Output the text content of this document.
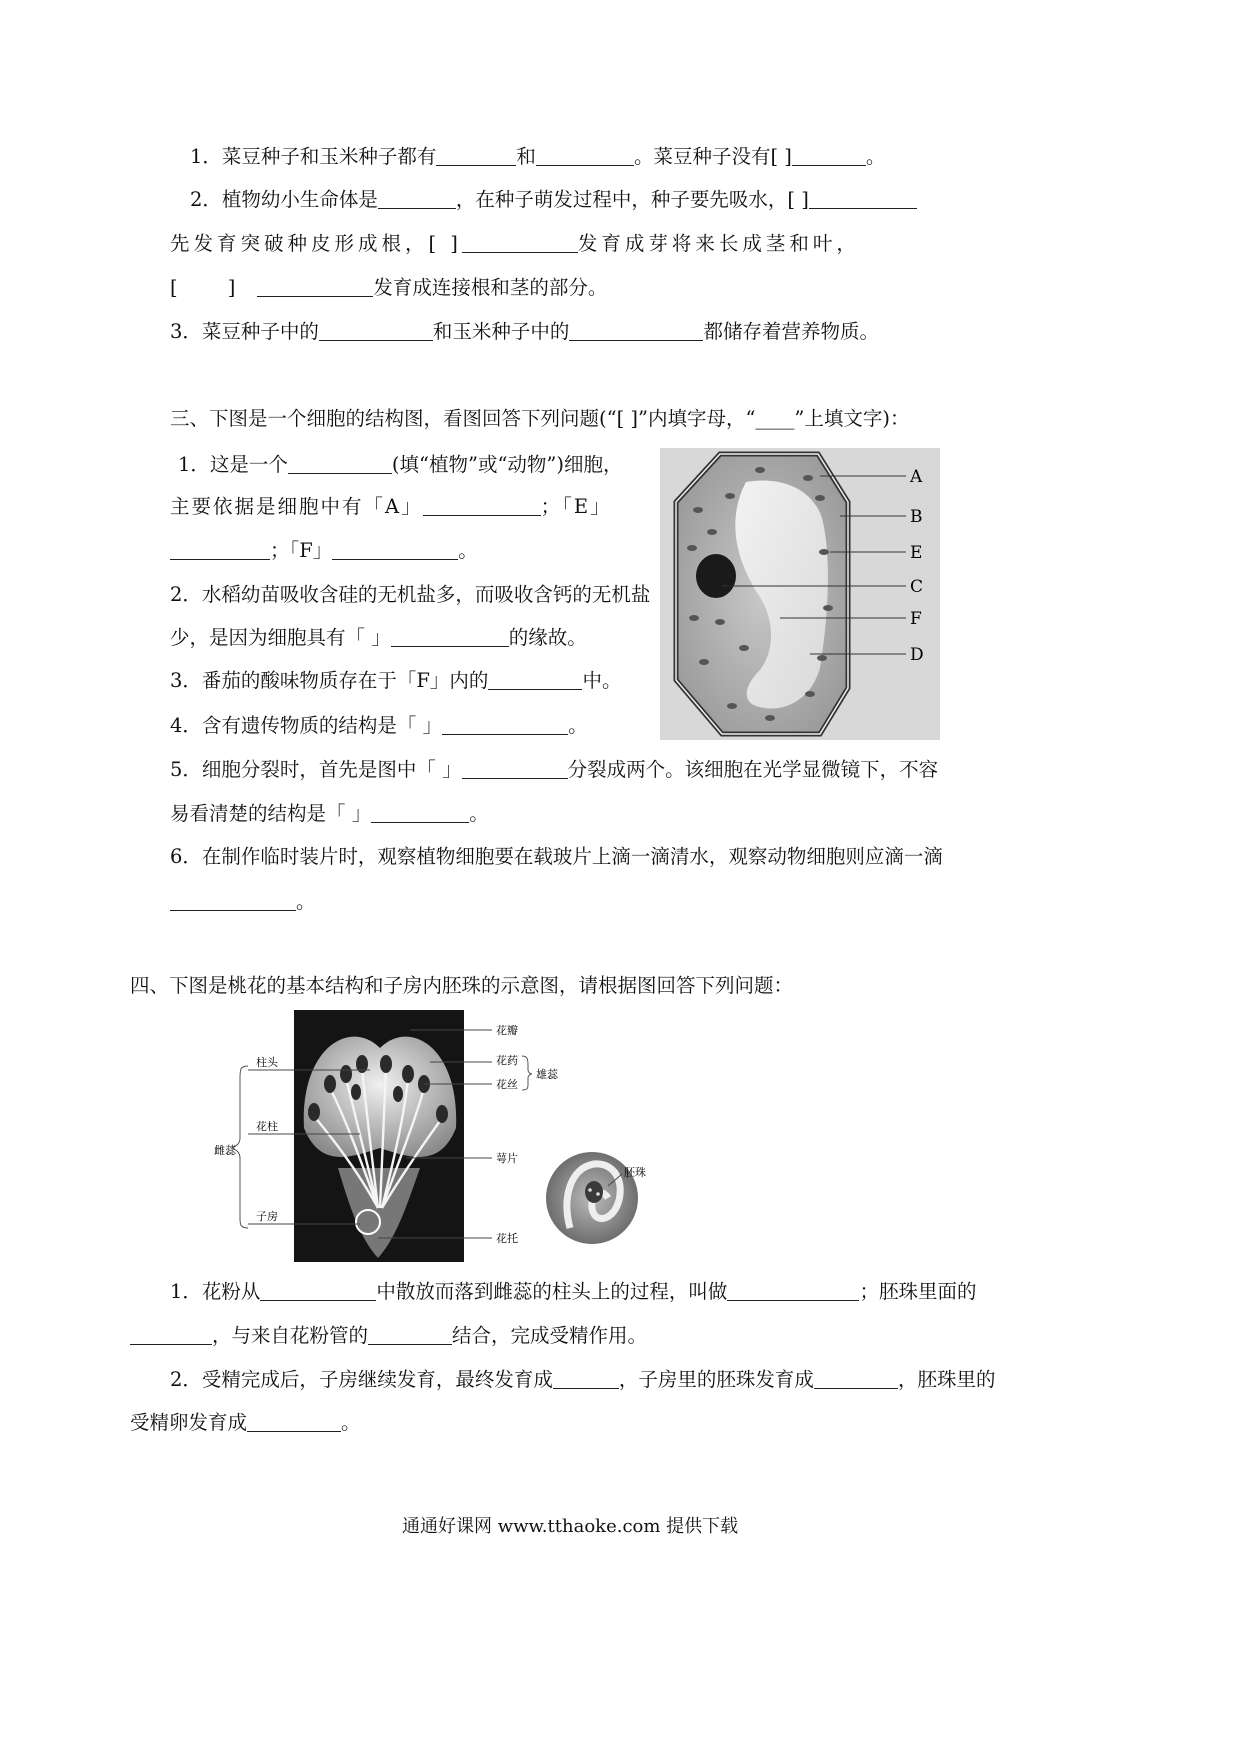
1．菜豆种子和玉米种子都有	和	。菜豆种子没有[ ]	。
2．植物幼小生命体是	，在种子萌发过程中，种子要先吸水，[ ]
先发育突破种皮形成根，[ ]	发育成芽将来长成茎和叶，
[ ]	发育成连接根和茎的部分。
3．菜豆种子中的	和玉米种子中的	都储存着营养物质。
三、下图是一个细胞的结构图，看图回答下列问题(“[ ]”内填字母，“____”上填文字)：
1．这是一个	(填“植物”或“动物”)细胞，
主要依据是细胞中有「A」	；「E」
；「F」	。
2．水稻幼苗吸收含硅的无机盐多，而吸收含钙的无机盐
少，是因为细胞具有「 」	的缘故。
3．番茄的酸味物质存在于「F」内的	中。
4．含有遗传物质的结构是「 」	。
5．细胞分裂时，首先是图中「 」	分裂成两个。该细胞在光学显微镜下，不容
易看清楚的结构是「 」	。
6．在制作临时装片时，观察植物细胞要在载玻片上滴一滴清水，观察动物细胞则应滴一滴
。
A
B
E
C
F
D
四、下图是桃花的基本结构和子房内胚珠的示意图，请根据图回答下列问题：
柱头
花柱
雌蕊
子房
花瓣
花药
花丝
雄蕊
萼片
花托
胚珠
1．花粉从	中散放而落到雌蕊的柱头上的过程，叫做	；胚珠里面的
，与来自花粉管的	结合，完成受精作用。
2．受精完成后，子房继续发育，最终发育成	，子房里的胚珠发育成	，胚珠里的
受精卵发育成	。
通通好课网 www.tthaoke.com 提供下载
